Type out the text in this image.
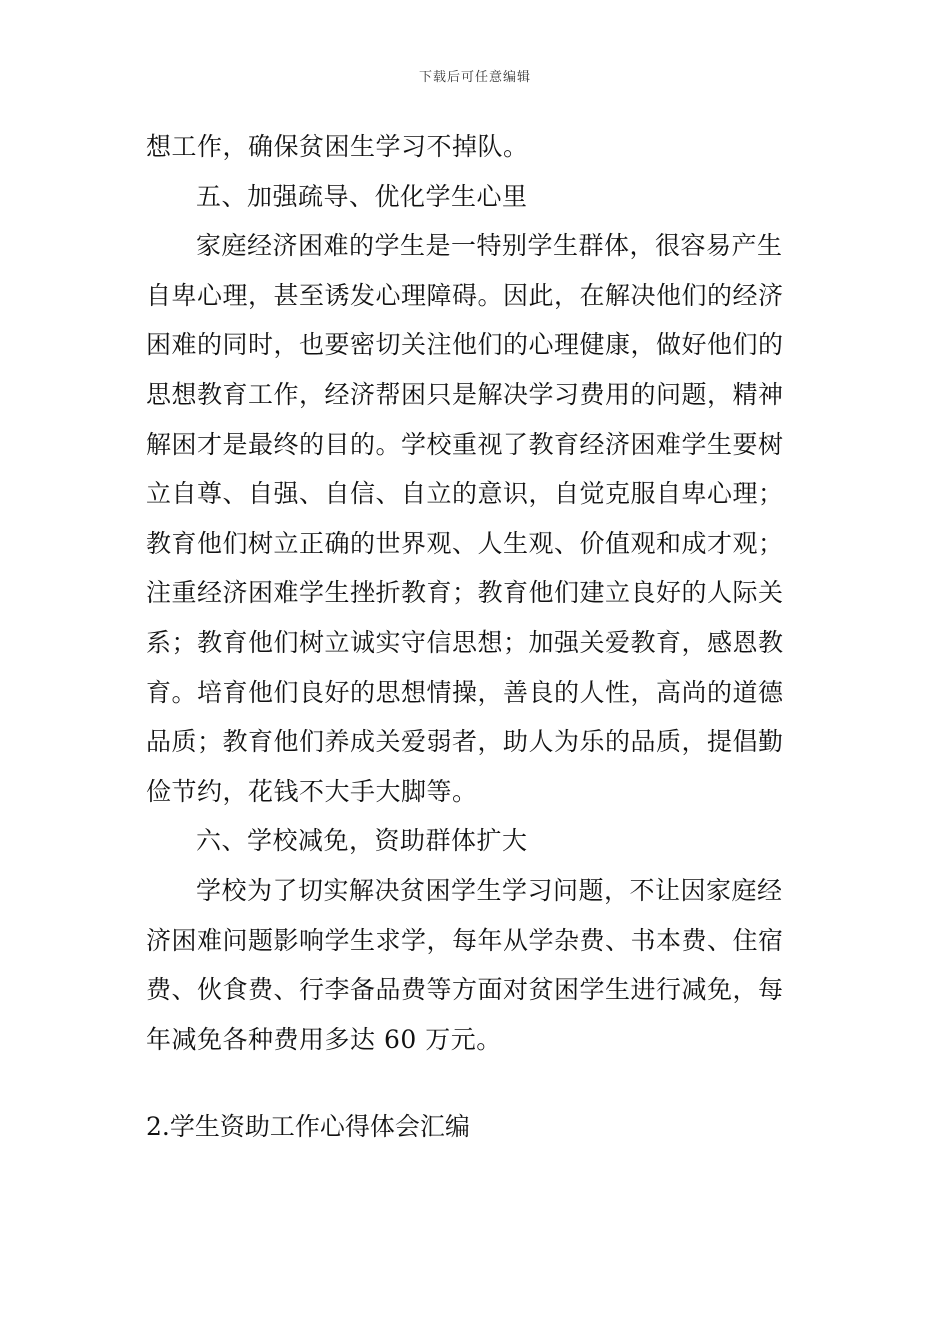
下载后可任意编辑
想工作，确保贫困生学习不掉队。
五、加强疏导、优化学生心里
家庭经济困难的学生是一特别学生群体，很容易产生
自卑心理，甚至诱发心理障碍。因此，在解决他们的经济
困难的同时，也要密切关注他们的心理健康，做好他们的
思想教育工作，经济帮困只是解决学习费用的问题，精神
解困才是最终的目的。学校重视了教育经济困难学生要树
立自尊、自强、自信、自立的意识，自觉克服自卑心理；
教育他们树立正确的世界观、人生观、价值观和成才观；
注重经济困难学生挫折教育；教育他们建立良好的人际关
系；教育他们树立诚实守信思想；加强关爱教育，感恩教
育。培育他们良好的思想情操，善良的人性，高尚的道德
品质；教育他们养成关爱弱者，助人为乐的品质，提倡勤
俭节约，花钱不大手大脚等。
六、学校减免，资助群体扩大
学校为了切实解决贫困学生学习问题，不让因家庭经
济困难问题影响学生求学，每年从学杂费、书本费、住宿
费、伙食费、行李备品费等方面对贫困学生进行减免，每
年减免各种费用多达 60 万元。
2.学生资助工作心得体会汇编
